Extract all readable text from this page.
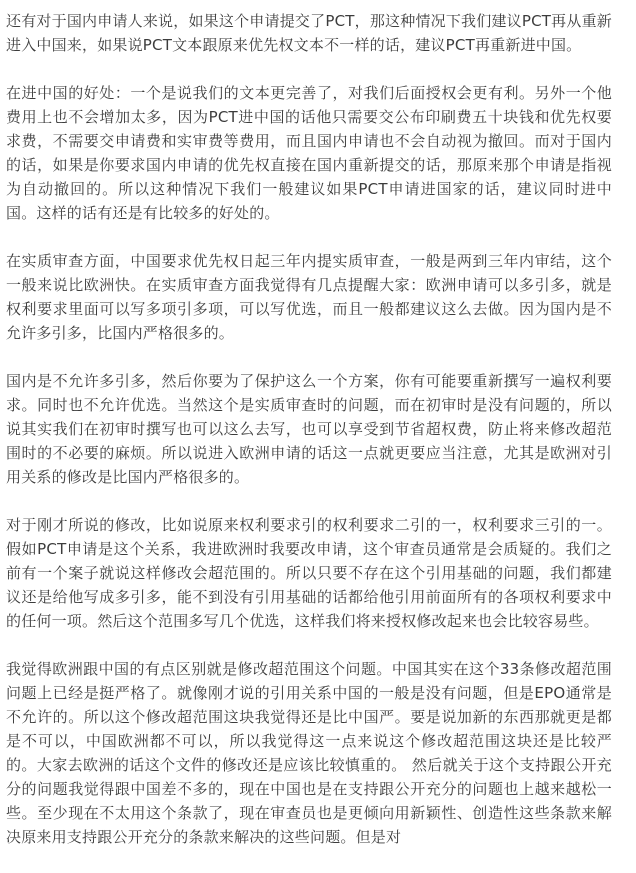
还有对于国内申请人来说，如果这个申请提交了PCT，那这种情况下我们建议PCT再从重新进入中国来，如果说PCT文本跟原来优先权文本不一样的话，建议PCT再重新进中国。

在进中国的好处：一个是说我们的文本更完善了，对我们后面授权会更有利。另外一个他费用上也不会增加太多，因为PCT进中国的话他只需要交公布印刷费五十块钱和优先权要求费，不需要交申请费和实审费等费用，而且国内申请也不会自动视为撤回。而对于国内的话，如果是你要求国内申请的优先权直接在国内重新提交的话，那原来那个申请是指视为自动撤回的。所以这种情况下我们一般建议如果PCT申请进国家的话，建议同时进中国。这样的话有还是有比较多的好处的。

在实质审查方面，中国要求优先权日起三年内提实质审查，一般是两到三年内审结，这个一般来说比欧洲快。在实质审查方面我觉得有几点提醒大家：欧洲申请可以多引多，就是权利要求里面可以写多项引多项，可以写优选，而且一般都建议这么去做。因为国内是不允许多引多，比国内严格很多的。

国内是不允许多引多，然后你要为了保护这么一个方案，你有可能要重新撰写一遍权利要求。同时也不允许优选。当然这个是实质审查时的问题，而在初审时是没有问题的，所以说其实我们在初审时撰写也可以这么去写，也可以享受到节省超权费，防止将来修改超范围时的不必要的麻烦。所以说进入欧洲申请的话这一点就更要应当注意，尤其是欧洲对引用关系的修改是比国内严格很多的。

对于刚才所说的修改，比如说原来权利要求引的权利要求二引的一，权利要求三引的一。假如PCT申请是这个关系，我进欧洲时我要改申请，这个审查员通常是会质疑的。我们之前有一个案子就说这样修改会超范围的。所以只要不存在这个引用基础的问题，我们都建议还是给他写成多引多，能不到没有引用基础的话都给他引用前面所有的各项权利要求中的任何一项。然后这个范围多写几个优选，这样我们将来授权修改起来也会比较容易些。

我觉得欧洲跟中国的有点区别就是修改超范围这个问题。中国其实在这个33条修改超范围问题上已经是挺严格了。就像刚才说的引用关系中国的一般是没有问题，但是EPO通常是不允许的。所以这个修改超范围这块我觉得还是比中国严。要是说加新的东西那就更是都是不可以，中国欧洲都不可以，所以我觉得这一点来说这个修改超范围这块还是比较严的。大家去欧洲的话这个文件的修改还是应该比较慎重的。 然后就关于这个支持跟公开充分的问题我觉得跟中国差不多的，现在中国也是在支持跟公开充分的问题也上越来越松一些。至少现在不太用这个条款了，现在审查员也是更倾向用新颖性、创造性这些条款来解决原来用支持跟公开充分的条款来解决的这些问题。但是对
